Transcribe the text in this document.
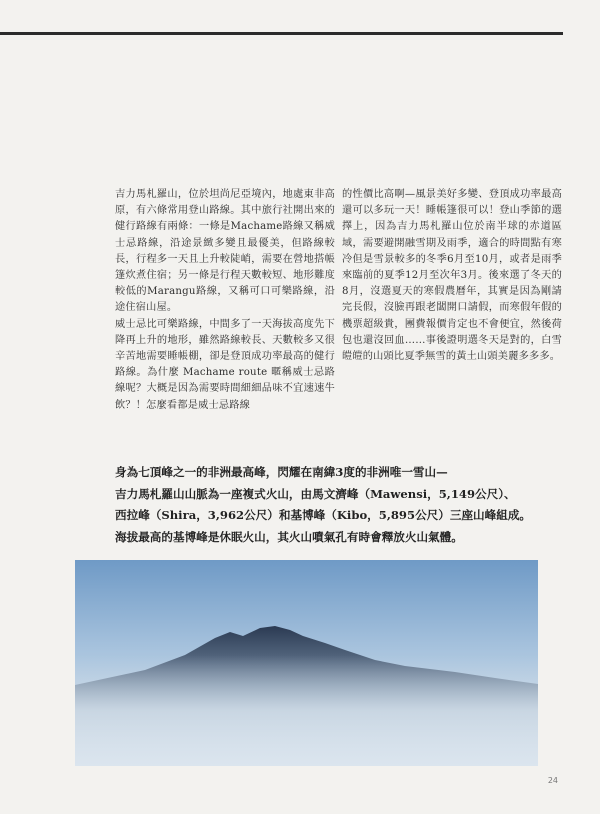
吉力馬札羅山，位於坦尚尼亞境內，地處東非高原，有六條常用登山路線。其中旅行社開出來的健行路線有兩條：一條是Machame路線又稱威士忌路線，沿途景緻多變且最優美，但路線較長，行程多一天且上升較陡峭，需要在營地搭帳篷炊煮住宿；另一條是行程天數較短、地形難度較低的Marangu路線，又稱可口可樂路線，沿途住宿山屋。

威士忌比可樂路線，中間多了一天海拔高度先下降再上升的地形，雖然路線較長、天數較多又很辛苦地需要睡帳棚，卻是登頂成功率最高的健行路線。為什麼 Machame route 暱稱威士忌路線呢？大概是因為需要時間細細品味不宜速速牛飲？！怎麼看都是威士忌路線

的性價比高啊—風景美好多變、登頂成功率最高還可以多玩一天！睡帳篷很可以！登山季節的選擇上，因為吉力馬札羅山位於南半球的赤道區域，需要避開融雪期及雨季，適合的時間點有寒冷但是雪景較多的冬季6月至10月，或者是雨季來臨前的夏季12月至次年3月。後來選了冬天的8月，沒選夏天的寒假農曆年，其實是因為剛請完長假，沒臉再跟老闆開口請假，而寒假年假的機票超級貴，團費報價肯定也不會便宜，然後荷包也還沒回血……事後證明選冬天是對的，白雪皚皚的山頭比夏季無雪的黃土山頭美麗多多多。

身為七頂峰之一的非洲最高峰，閃耀在南緯3度的非洲唯一雪山—
吉力馬札羅山山脈為一座複式火山，由馬文濟峰（Mawensi，5,149公尺）、
西拉峰（Shira，3,962公尺）和基博峰（Kibo，5,895公尺）三座山峰組成。
海拔最高的基博峰是休眠火山，其火山噴氣孔有時會釋放火山氣體。
24
